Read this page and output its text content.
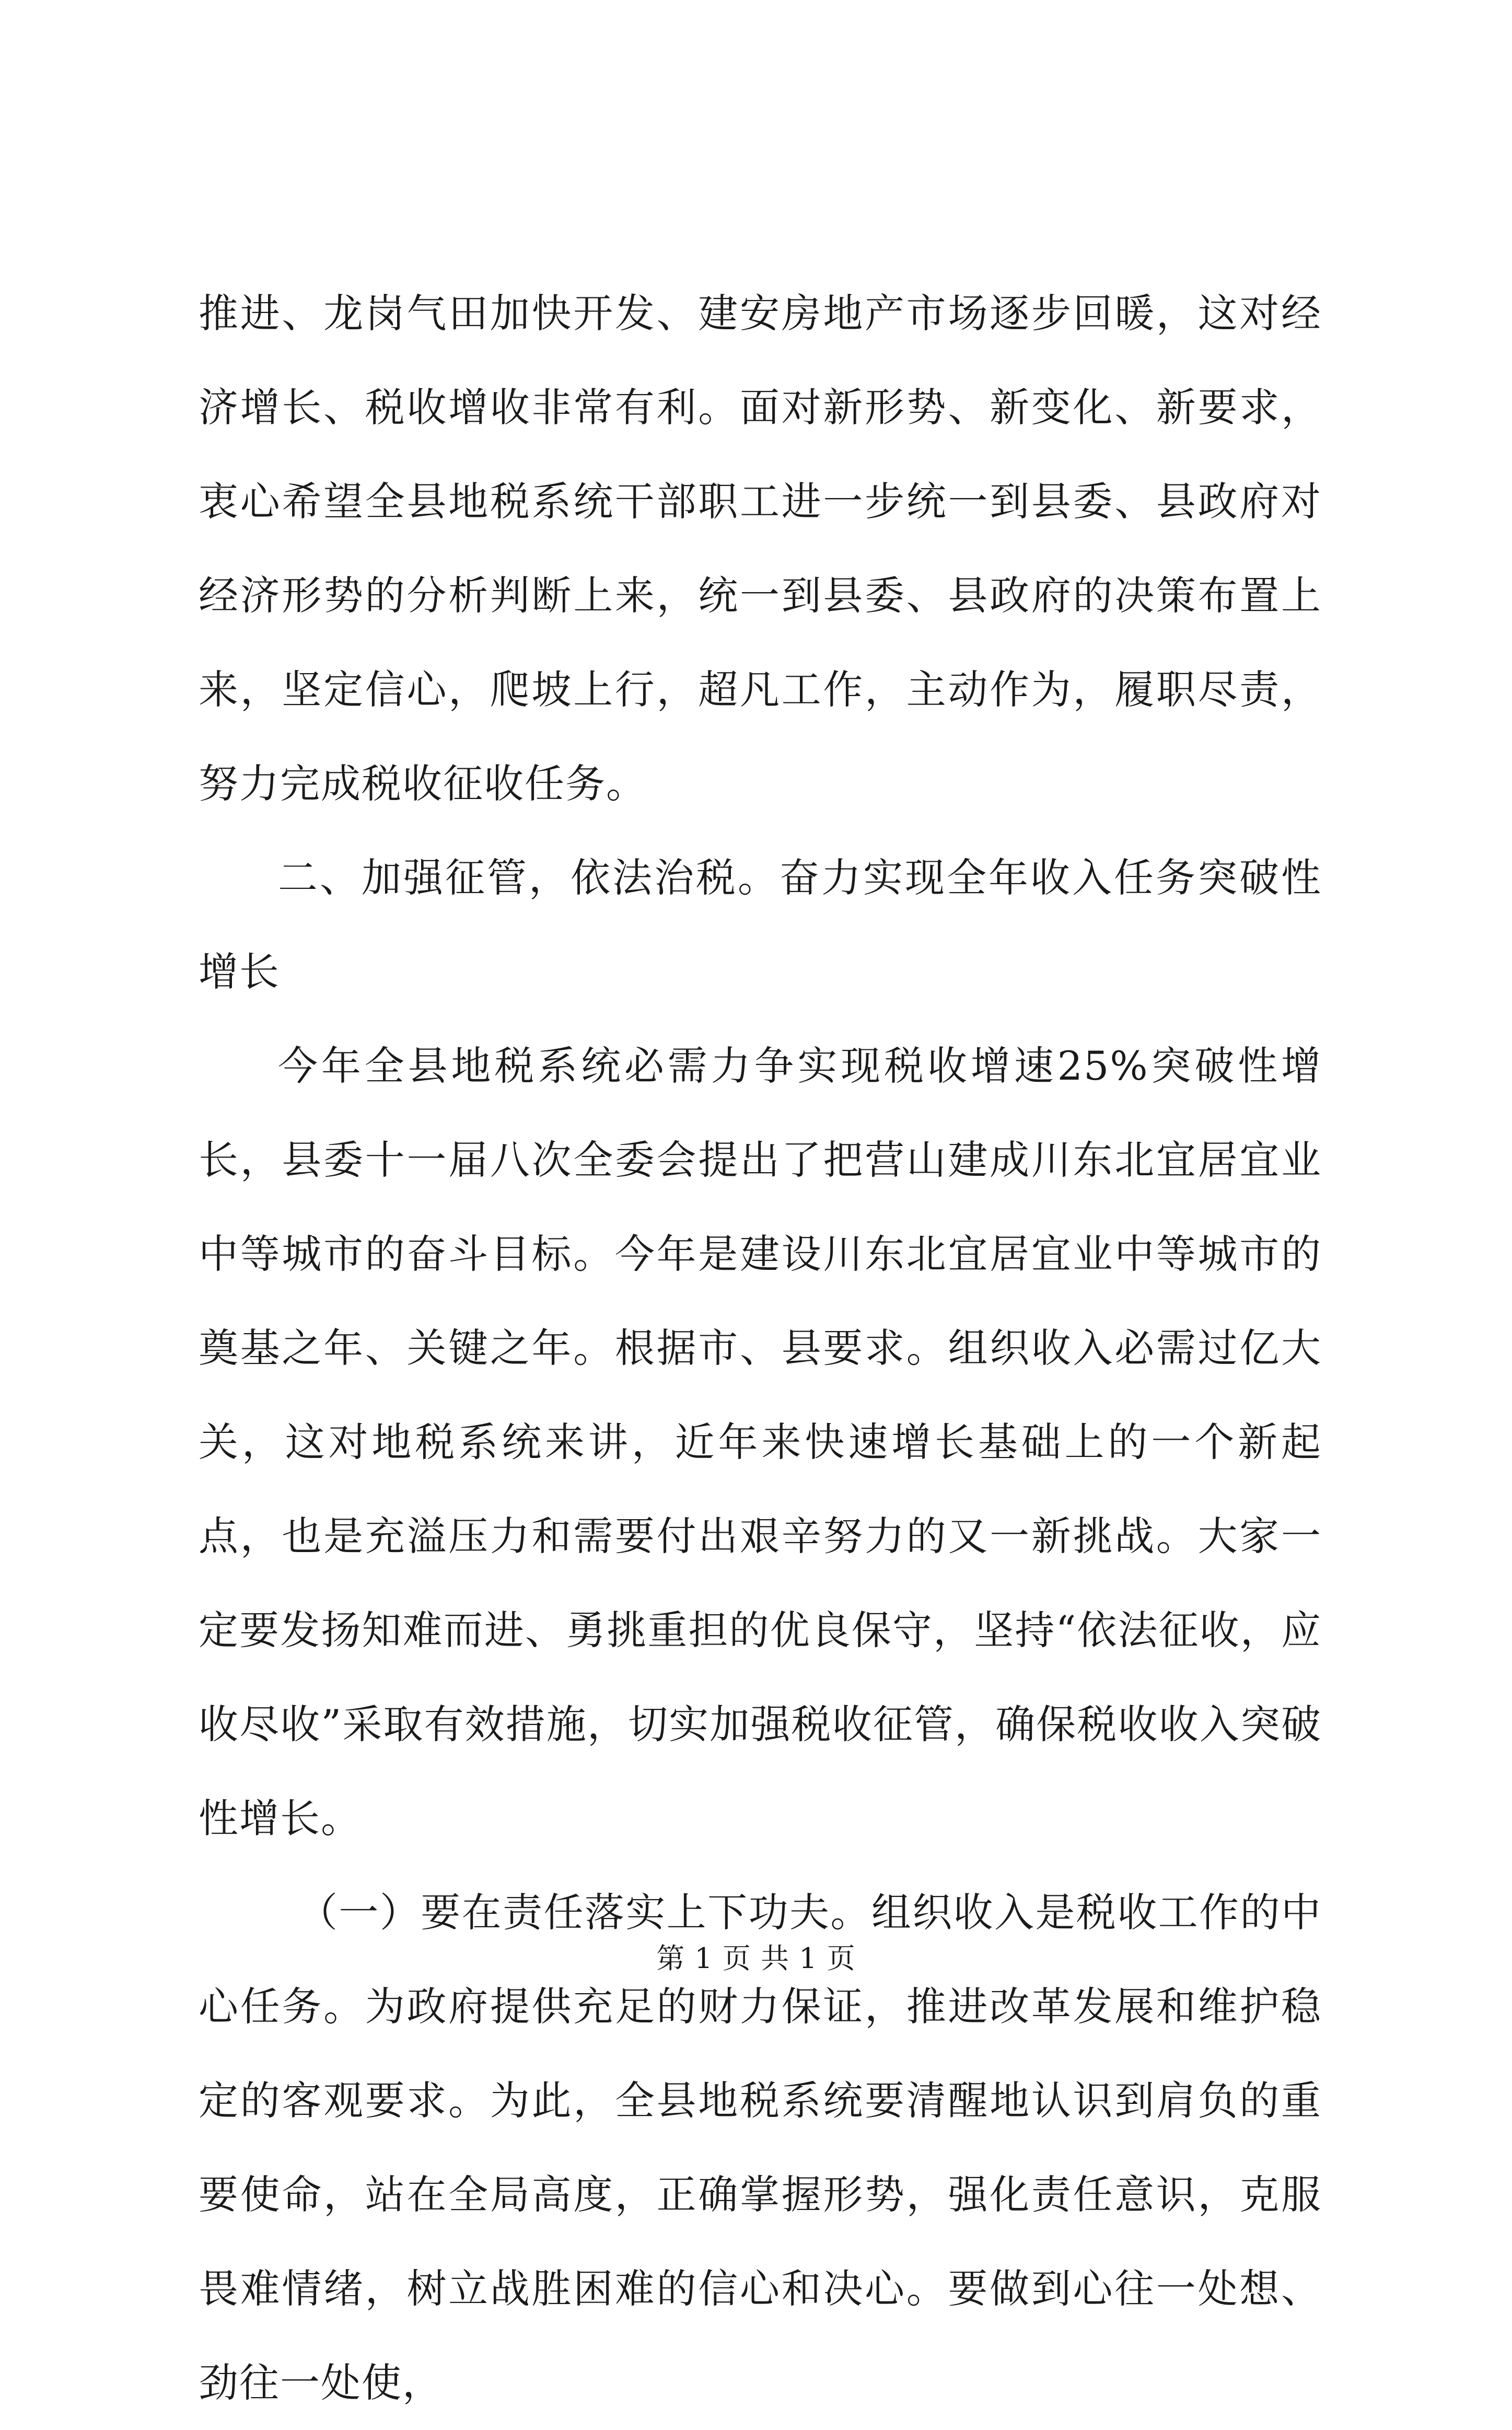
推进、龙岗气田加快开发、建安房地产市场逐步回暖，这对经济增长、税收增收非常有利。面对新形势、新变化、新要求，衷心希望全县地税系统干部职工进一步统一到县委、县政府对经济形势的分析判断上来，统一到县委、县政府的决策布置上来，坚定信心，爬坡上行，超凡工作，主动作为，履职尽责，努力完成税收征收任务。

二、加强征管，依法治税。奋力实现全年收入任务突破性增长

今年全县地税系统必需力争实现税收增速25%突破性增长，县委十一届八次全委会提出了把营山建成川东北宜居宜业中等城市的奋斗目标。今年是建设川东北宜居宜业中等城市的奠基之年、关键之年。根据市、县要求。组织收入必需过亿大关，这对地税系统来讲，近年来快速增长基础上的一个新起点，也是充溢压力和需要付出艰辛努力的又一新挑战。大家一定要发扬知难而进、勇挑重担的优良保守，坚持“依法征收，应收尽收”采取有效措施，切实加强税收征管，确保税收收入突破性增长。

（一）要在责任落实上下功夫。组织收入是税收工作的中心任务。为政府提供充足的财力保证，推进改革发展和维护稳定的客观要求。为此，全县地税系统要清醒地认识到肩负的重要使命，站在全局高度，正确掌握形势，强化责任意识，克服畏难情绪，树立战胜困难的信心和决心。要做到心往一处想、劲往一处使，

第 1 页 共 1 页
